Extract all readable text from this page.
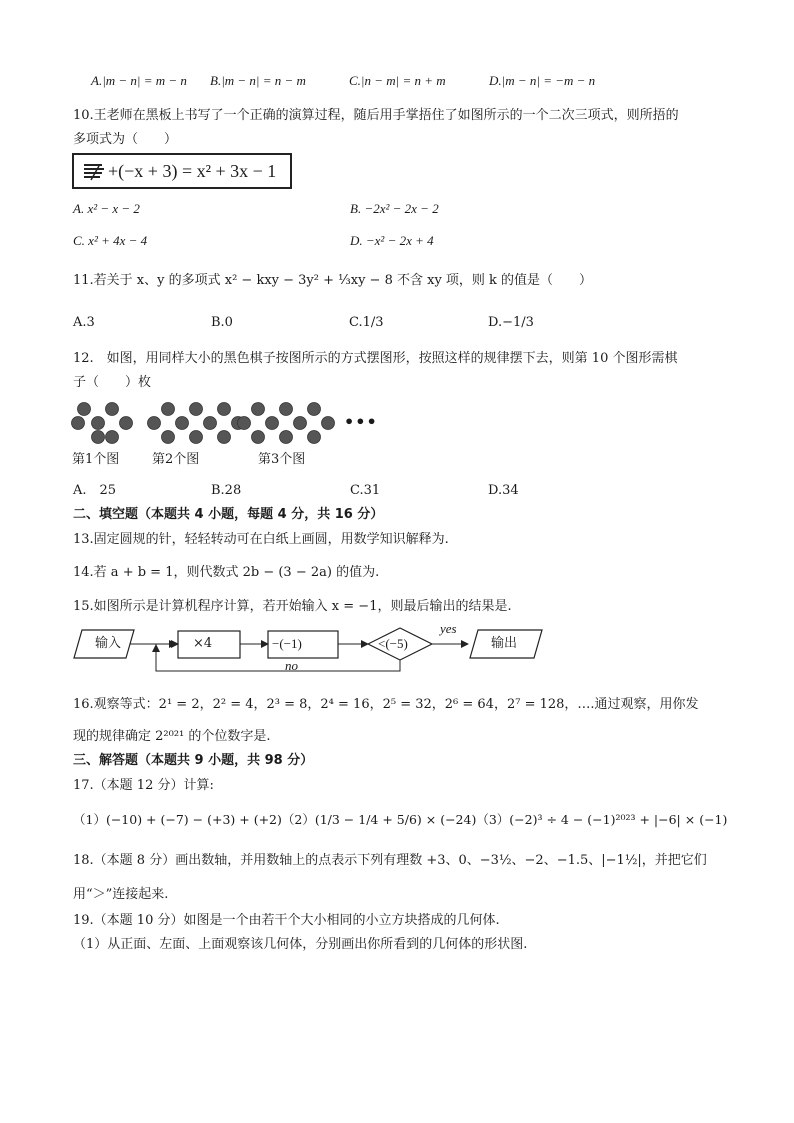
A.|m − n| = m − n B.|m − n| = n − m	C.|n − m| = n + m	D.|m − n| = −m − n
10.王老师在黑板上书写了一个正确的演算过程，随后用手掌捂住了如图所示的一个二次三项式，则所捂的
多项式为（　　）
+(−x + 3) = x² + 3x − 1
A. x² − x − 2	B. −2x² − 2x − 2
C. x² + 4x − 4	D. −x² − 2x + 4
11.若关于 x、y 的多项式 x² − kxy − 3y² + ⅓xy − 8 不含 xy 项，则 k 的值是（　　）
A.3	B.0	C.1/3	D.−1/3
12.　如图，用同样大小的黑色棋子按图所示的方式摆图形，按照这样的规律摆下去，则第 10 个图形需棋
子（　　）枚
•••
第1个图	第2个图	第3个图
A.　25	B.28	C.31	D.34
二、填空题（本题共 4 小题，每题 4 分，共 16 分）
13.固定圆规的针，轻轻转动可在白纸上画圆，用数学知识解释为.
14.若 a + b = 1，则代数式 2b − (3 − 2a) 的值为.
15.如图所示是计算机程序计算，若开始输入 x = −1，则最后输出的结果是.
输入	×4	−(−1)	<(−5)
yes
no
输出
16.观察等式：2¹ = 2，2² = 4，2³ = 8，2⁴ = 16，2⁵ = 32，2⁶ = 64，2⁷ = 128，….通过观察，用你发
现的规律确定 2²⁰²¹ 的个位数字是.
三、解答题（本题共 9 小题，共 98 分）
17.（本题 12 分）计算:
（1）(−10) + (−7) − (+3) + (+2)（2）(1/3 − 1/4 + 5/6) × (−24)（3）(−2)³ ÷ 4 − (−1)²⁰²³ + |−6| × (−1)
18.（本题 8 分）画出数轴，并用数轴上的点表示下列有理数 +3、0、−3½、−2、−1.5、|−1½|，并把它们
用“＞”连接起来.
19.（本题 10 分）如图是一个由若干个大小相同的小立方块搭成的几何体.
（1）从正面、左面、上面观察该几何体，分别画出你所看到的几何体的形状图.
